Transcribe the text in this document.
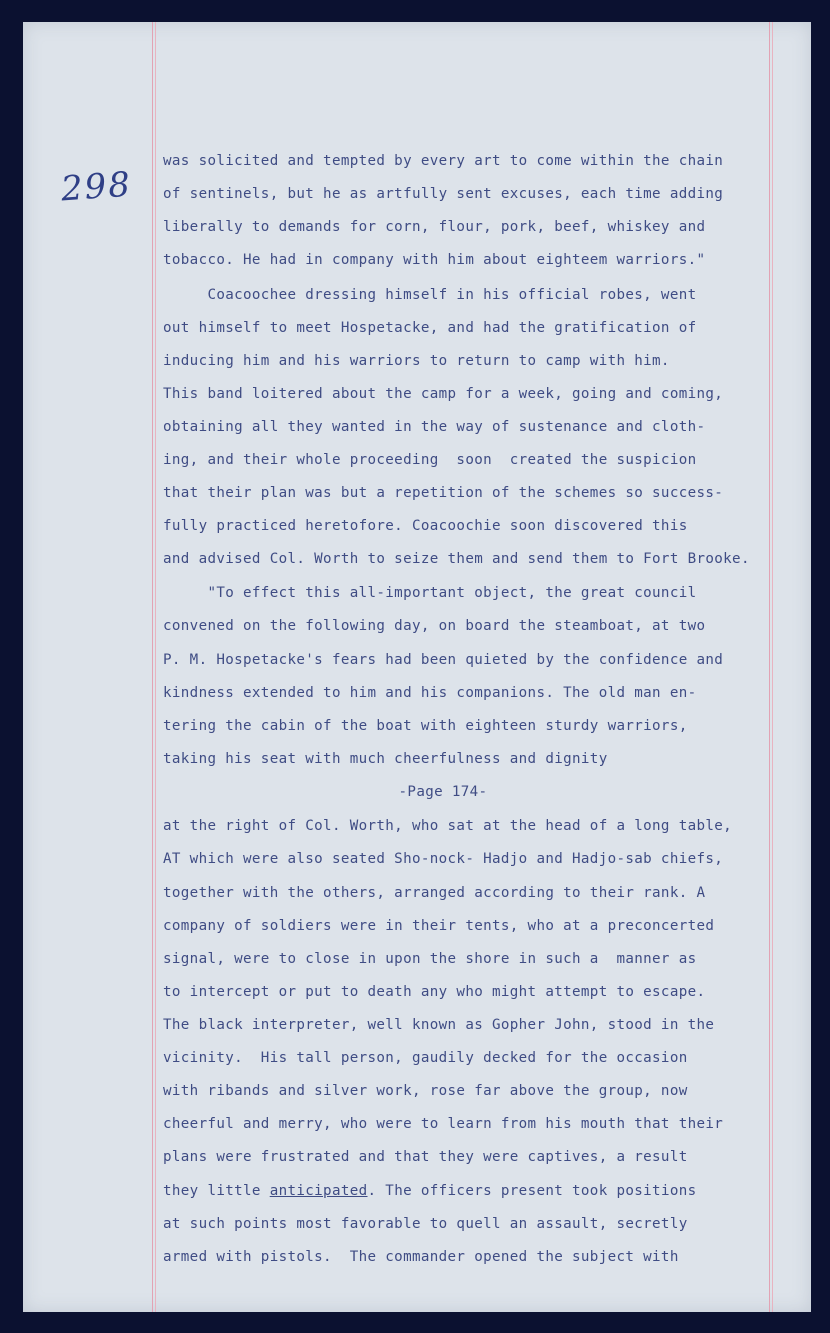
298
was solicited and tempted by every art to come within the chain
of sentinels, but he as artfully sent excuses, each time adding
liberally to demands for corn, flour, pork, beef, whiskey and
tobacco. He had in company with him about eighteem warriors."
Coacoochee dressing himself in his official robes, went
out himself to meet Hospetacke, and had the gratification of
inducing him and his warriors to return to camp with him.
This band loitered about the camp for a week, going and coming,
obtaining all they wanted in the way of sustenance and cloth-
ing, and their whole proceeding  soon  created the suspicion
that their plan was but a repetition of the schemes so success-
fully practiced heretofore. Coacoochie soon discovered this
and advised Col. Worth to seize them and send them to Fort Brooke.
"To effect this all-important object, the great council
convened on the following day, on board the steamboat, at two
P. M. Hospetacke's fears had been quieted by the confidence and
kindness extended to him and his companions. The old man en-
tering the cabin of the boat with eighteen sturdy warriors,
taking his seat with much cheerfulness and dignity
-Page 174-
at the right of Col. Worth, who sat at the head of a long table,
AT which were also seated Sho-nock- Hadjo and Hadjo-sab chiefs,
together with the others, arranged according to their rank. A
company of soldiers were in their tents, who at a preconcerted
signal, were to close in upon the shore in such a  manner as
to intercept or put to death any who might attempt to escape.
The black interpreter, well known as Gopher John, stood in the
vicinity.  His tall person, gaudily decked for the occasion
with ribands and silver work, rose far above the group, now
cheerful and merry, who were to learn from his mouth that their
plans were frustrated and that they were captives, a result
they little anticipated. The officers present took positions
at such points most favorable to quell an assault, secretly
armed with pistols.  The commander opened the subject with
